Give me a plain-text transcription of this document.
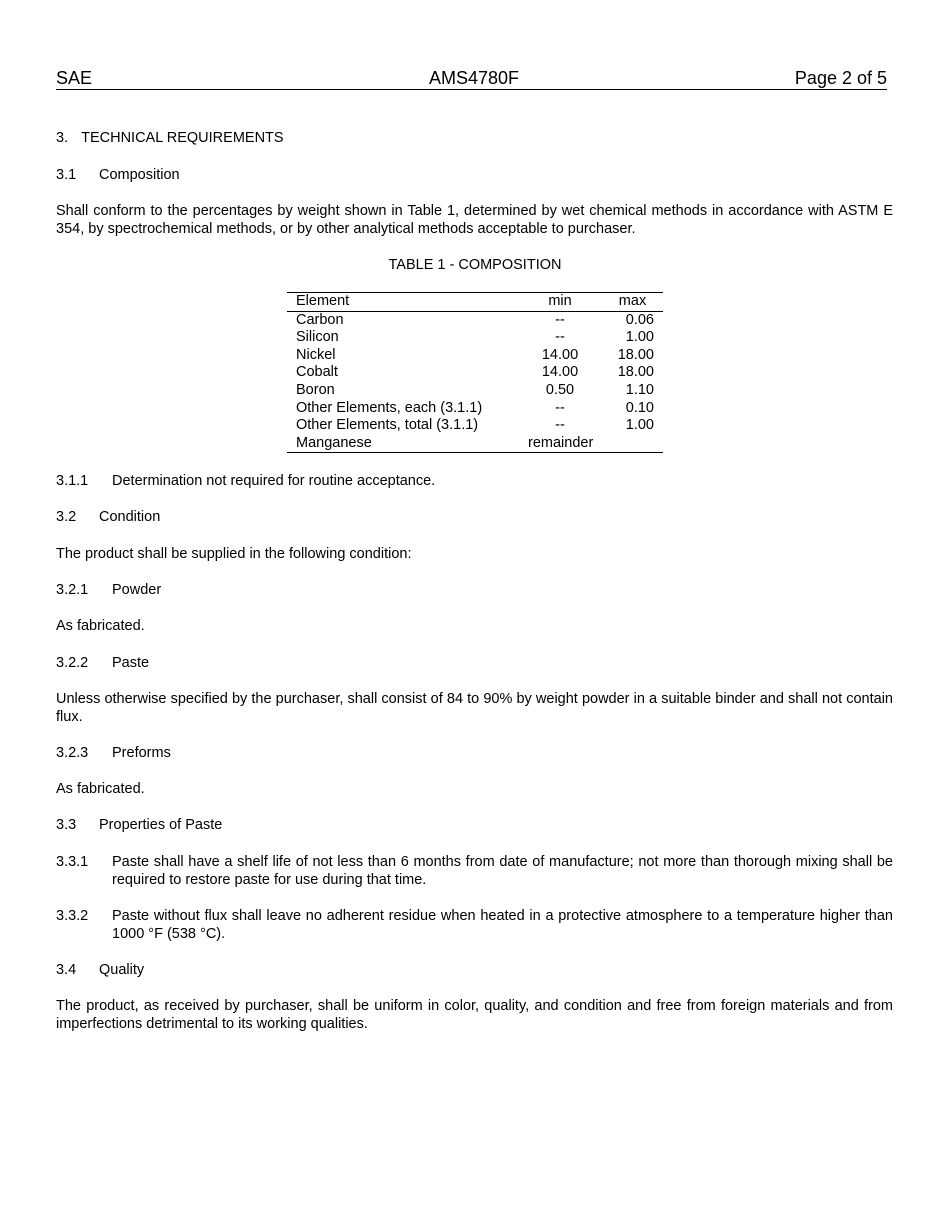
SAE	AMS4780F	Page 2 of 5
3. TECHNICAL REQUIREMENTS
3.1 Composition
Shall conform to the percentages by weight shown in Table 1, determined by wet chemical methods in accordance with ASTM E 354, by spectrochemical methods, or by other analytical methods acceptable to purchaser.
TABLE 1 - COMPOSITION
Element	min	max
Carbon	--	0.06
Silicon	--	1.00
Nickel	14.00	18.00
Cobalt	14.00	18.00
Boron	0.50	1.10
Other Elements, each (3.1.1)	--	0.10
Other Elements, total (3.1.1)	--	1.00
Manganese	remainder	
3.1.1 Determination not required for routine acceptance.
3.2 Condition
The product shall be supplied in the following condition:
3.2.1 Powder
As fabricated.
3.2.2 Paste
Unless otherwise specified by the purchaser, shall consist of 84 to 90% by weight powder in a suitable binder and shall not contain flux.
3.2.3 Preforms
As fabricated.
3.3 Properties of Paste
3.3.1 Paste shall have a shelf life of not less than 6 months from date of manufacture; not more than thorough mixing shall be required to restore paste for use during that time.
3.3.2 Paste without flux shall leave no adherent residue when heated in a protective atmosphere to a temperature higher than 1000 °F (538 °C).
3.4 Quality
The product, as received by purchaser, shall be uniform in color, quality, and condition and free from foreign materials and from imperfections detrimental to its working qualities.
